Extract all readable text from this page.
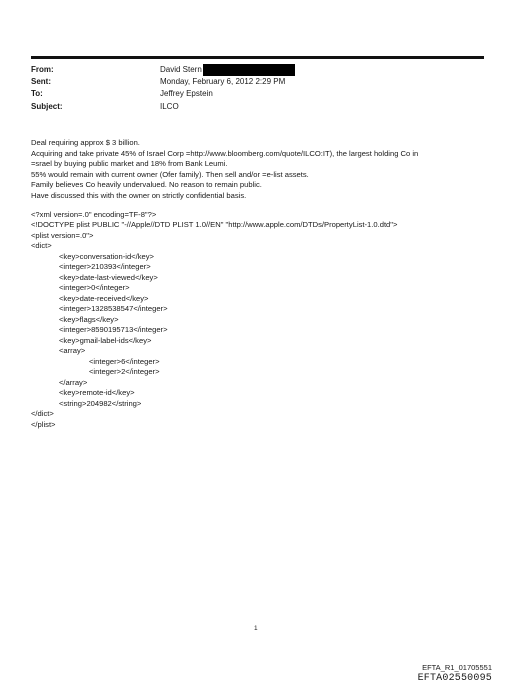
From:	David Stern
Sent:	Monday, February 6, 2012 2:29 PM
To:	Jeffrey Epstein
Subject:	ILCO
Deal requiring approx $ 3 billion.
Acquiring and take private 45% of Israel Corp =http://www.bloomberg.com/quote/ILCO:IT), the largest holding Co in
=srael by buying public market and 18% from Bank Leumi.
55% would remain with current owner (Ofer family). Then sell and/or =e-list assets.
Family believes Co heavily undervalued. No reason to remain public.
Have discussed this with the owner on strictly confidential basis.
<?xml version=.0" encoding=TF-8"?>
<!DOCTYPE plist PUBLIC "-//Apple//DTD PLIST 1.0//EN" "http://www.apple.com/DTDs/PropertyList-1.0.dtd">
<plist version=.0">
<dict>
<key>conversation-id</key>
<integer>210393</integer>
<key>date-last-viewed</key>
<integer>0</integer>
<key>date-received</key>
<integer>1328538547</integer>
<key>flags</key>
<integer>8590195713</integer>
<key>gmail-label-ids</key>
<array>
<integer>6</integer>
<integer>2</integer>
</array>
<key>remote-id</key>
<string>204982</string>
</dict>
</plist>
1
EFTA_R1_01705551
EFTA02550095
